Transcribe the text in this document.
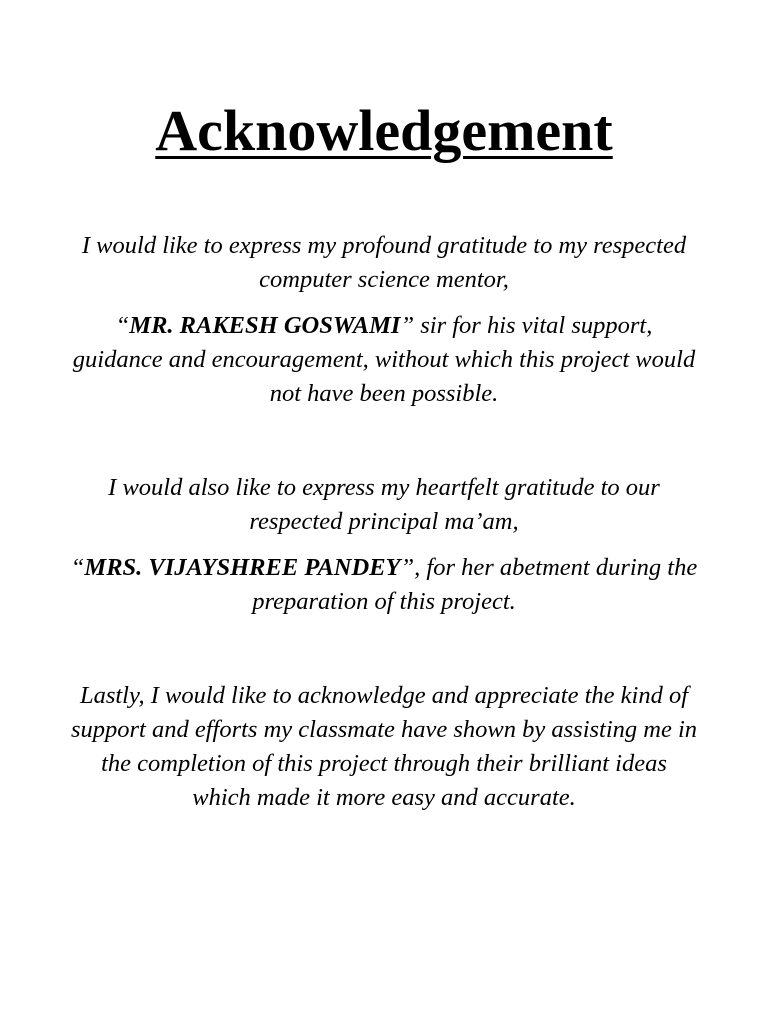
Acknowledgement

I would like to express my profound gratitude to my respected computer science mentor,

“MR. RAKESH GOSWAMI” sir for his vital support, guidance and encouragement, without which this project would not have been possible.

I would also like to express my heartfelt gratitude to our respected principal ma’am,

“MRS. VIJAYSHREE PANDEY”, for her abetment during the preparation of this project.

Lastly, I would like to acknowledge and appreciate the kind of support and efforts my classmate have shown by assisting me in the completion of this project through their brilliant ideas which made it more easy and accurate.
